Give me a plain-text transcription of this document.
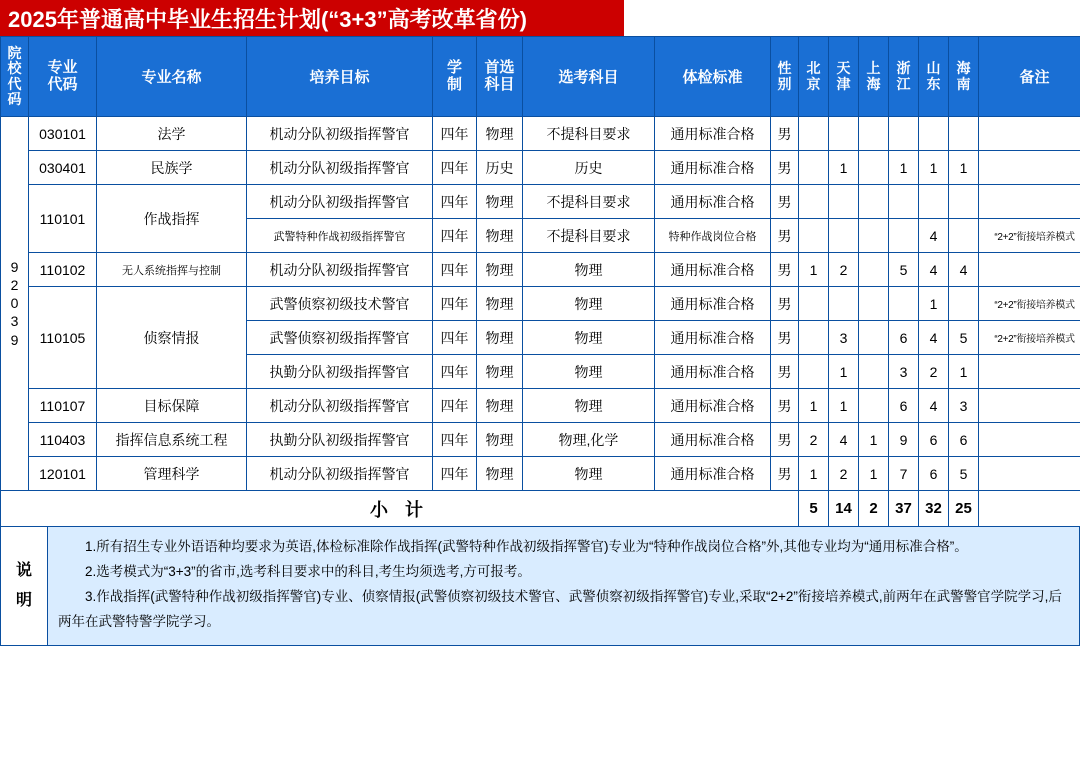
2025年普通高中毕业生招生计划(“3+3”高考改革省份)
院校代码	专业代码	专业名称	培养目标	学制	首选科目	选考科目	体检标准	性别	北京	天津	上海	浙江	山东	海南	备注
92039	030101	法学	机动分队初级指挥警官	四年	物理	不提科目要求	通用标准合格	男							
	030401	民族学	机动分队初级指挥警官	四年	历史	历史	通用标准合格	男		1		1	1	1	
	110101	作战指挥	机动分队初级指挥警官	四年	物理	不提科目要求	通用标准合格	男							
			武警特种作战初级指挥警官	四年	物理	不提科目要求	特种作战岗位合格	男					4		“2+2”衔接培养模式
	110102	无人系统指挥与控制	机动分队初级指挥警官	四年	物理	物理	通用标准合格	男	1	2		5	4	4	
	110105	侦察情报	武警侦察初级技术警官	四年	物理	物理	通用标准合格	男					1		“2+2”衔接培养模式
			武警侦察初级指挥警官	四年	物理	物理	通用标准合格	男		3		6	4	5	“2+2”衔接培养模式
			执勤分队初级指挥警官	四年	物理	物理	通用标准合格	男		1		3	2	1	
	110107	目标保障	机动分队初级指挥警官	四年	物理	物理	通用标准合格	男	1	1		6	4	3	
	110403	指挥信息系统工程	执勤分队初级指挥警官	四年	物理	物理,化学	通用标准合格	男	2	4	1	9	6	6	
	120101	管理科学	机动分队初级指挥警官	四年	物理	物理	通用标准合格	男	1	2	1	7	6	5	
小 计									5	14	2	37	32	25	
说明

1.所有招生专业外语语种均要求为英语,体检标准除作战指挥(武警特种作战初级指挥警官)专业为“特种作战岗位合格”外,其他专业均为“通用标准合格”。

2.选考模式为“3+3”的省市,选考科目要求中的科目,考生均须选考,方可报考。

3.作战指挥(武警特种作战初级指挥警官)专业、侦察情报(武警侦察初级技术警官、武警侦察初级指挥警官)专业,采取“2+2”衔接培养模式,前两年在武警警官学院学习,后两年在武警特警学院学习。
